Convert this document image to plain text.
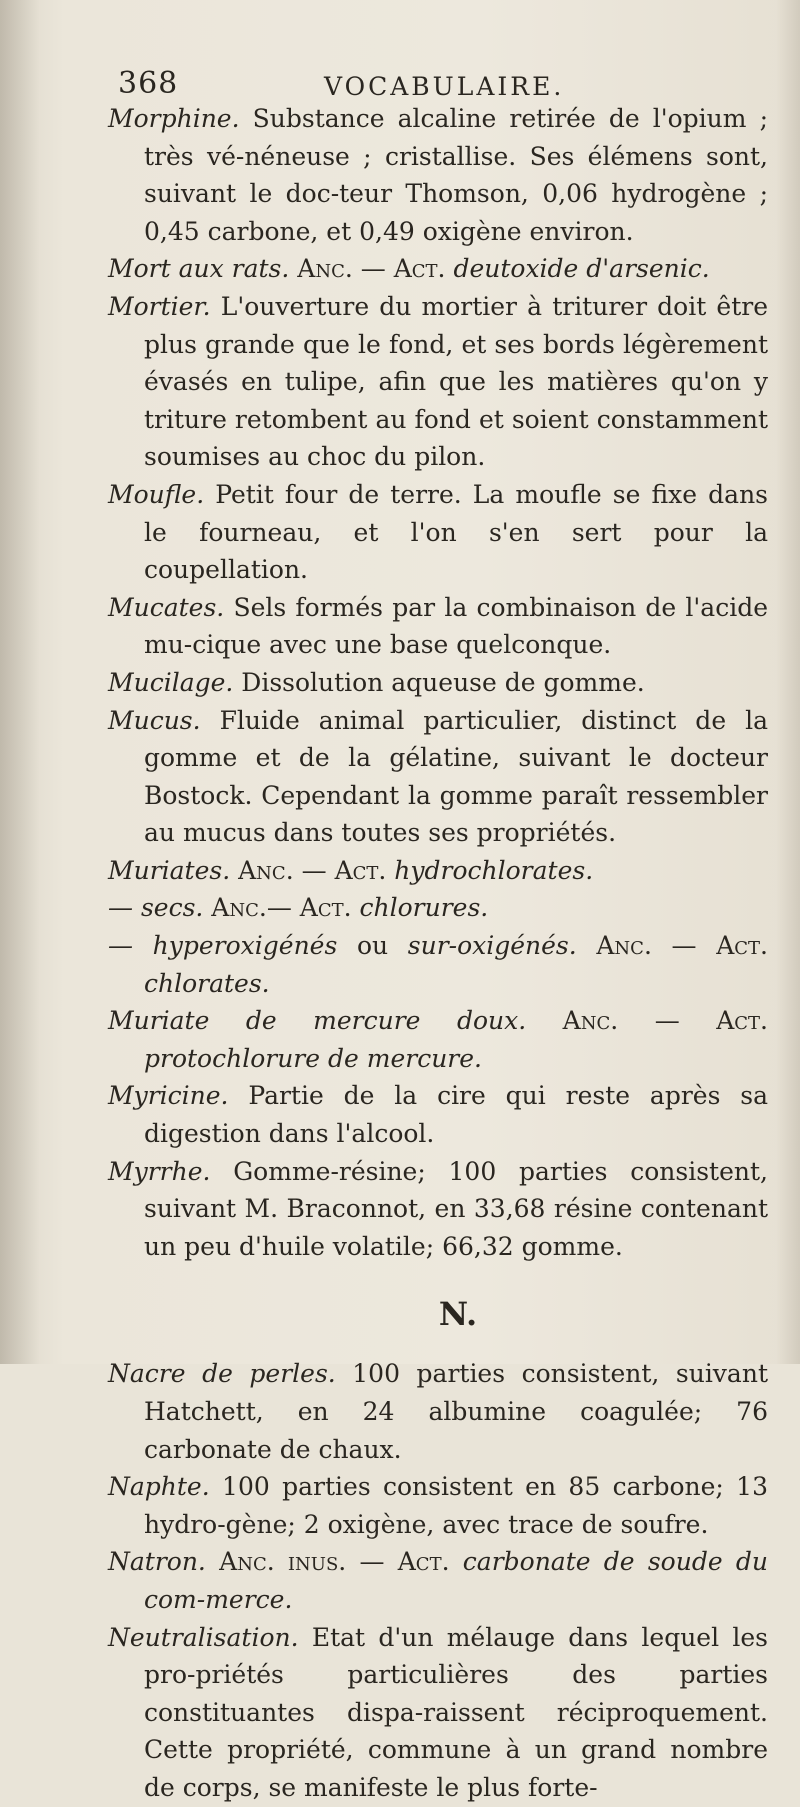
368	VOCABULAIRE.

Morphine. Substance alcaline retirée de l'opium ; très vé-néneuse ; cristallise. Ses élémens sont, suivant le doc-teur Thomson, 0,06 hydrogène ; 0,45 carbone, et 0,49 oxigène environ.

Mort aux rats. Anc. — Act. deutoxide d'arsenic.

Mortier. L'ouverture du mortier à triturer doit être plus grande que le fond, et ses bords légèrement évasés en tulipe, afin que les matières qu'on y triture retombent au fond et soient constamment soumises au choc du pilon.

Moufle. Petit four de terre. La moufle se fixe dans le fourneau, et l'on s'en sert pour la coupellation.

Mucates. Sels formés par la combinaison de l'acide mu-cique avec une base quelconque.

Mucilage. Dissolution aqueuse de gomme.

Mucus. Fluide animal particulier, distinct de la gomme et de la gélatine, suivant le docteur Bostock. Cependant la gomme paraît ressembler au mucus dans toutes ses propriétés.

Muriates. Anc. — Act. hydrochlorates.

— secs. Anc.— Act. chlorures.

— hyperoxigénés ou sur-oxigénés. Anc. — Act. chlorates.

Muriate de mercure doux. Anc. — Act. protochlorure de mercure.

Myricine. Partie de la cire qui reste après sa digestion dans l'alcool.

Myrrhe. Gomme-résine; 100 parties consistent, suivant M. Braconnot, en 33,68 résine contenant un peu d'huile volatile; 66,32 gomme.

N.

Nacre de perles. 100 parties consistent, suivant Hatchett, en 24 albumine coagulée; 76 carbonate de chaux.

Naphte. 100 parties consistent en 85 carbone; 13 hydro-gène; 2 oxigène, avec trace de soufre.

Natron. Anc. inus. — Act. carbonate de soude du com-merce.

Neutralisation. Etat d'un mélauge dans lequel les pro-priétés particulières des parties constituantes dispa-raissent réciproquement. Cette propriété, commune à un grand nombre de corps, se manifeste le plus forte-
